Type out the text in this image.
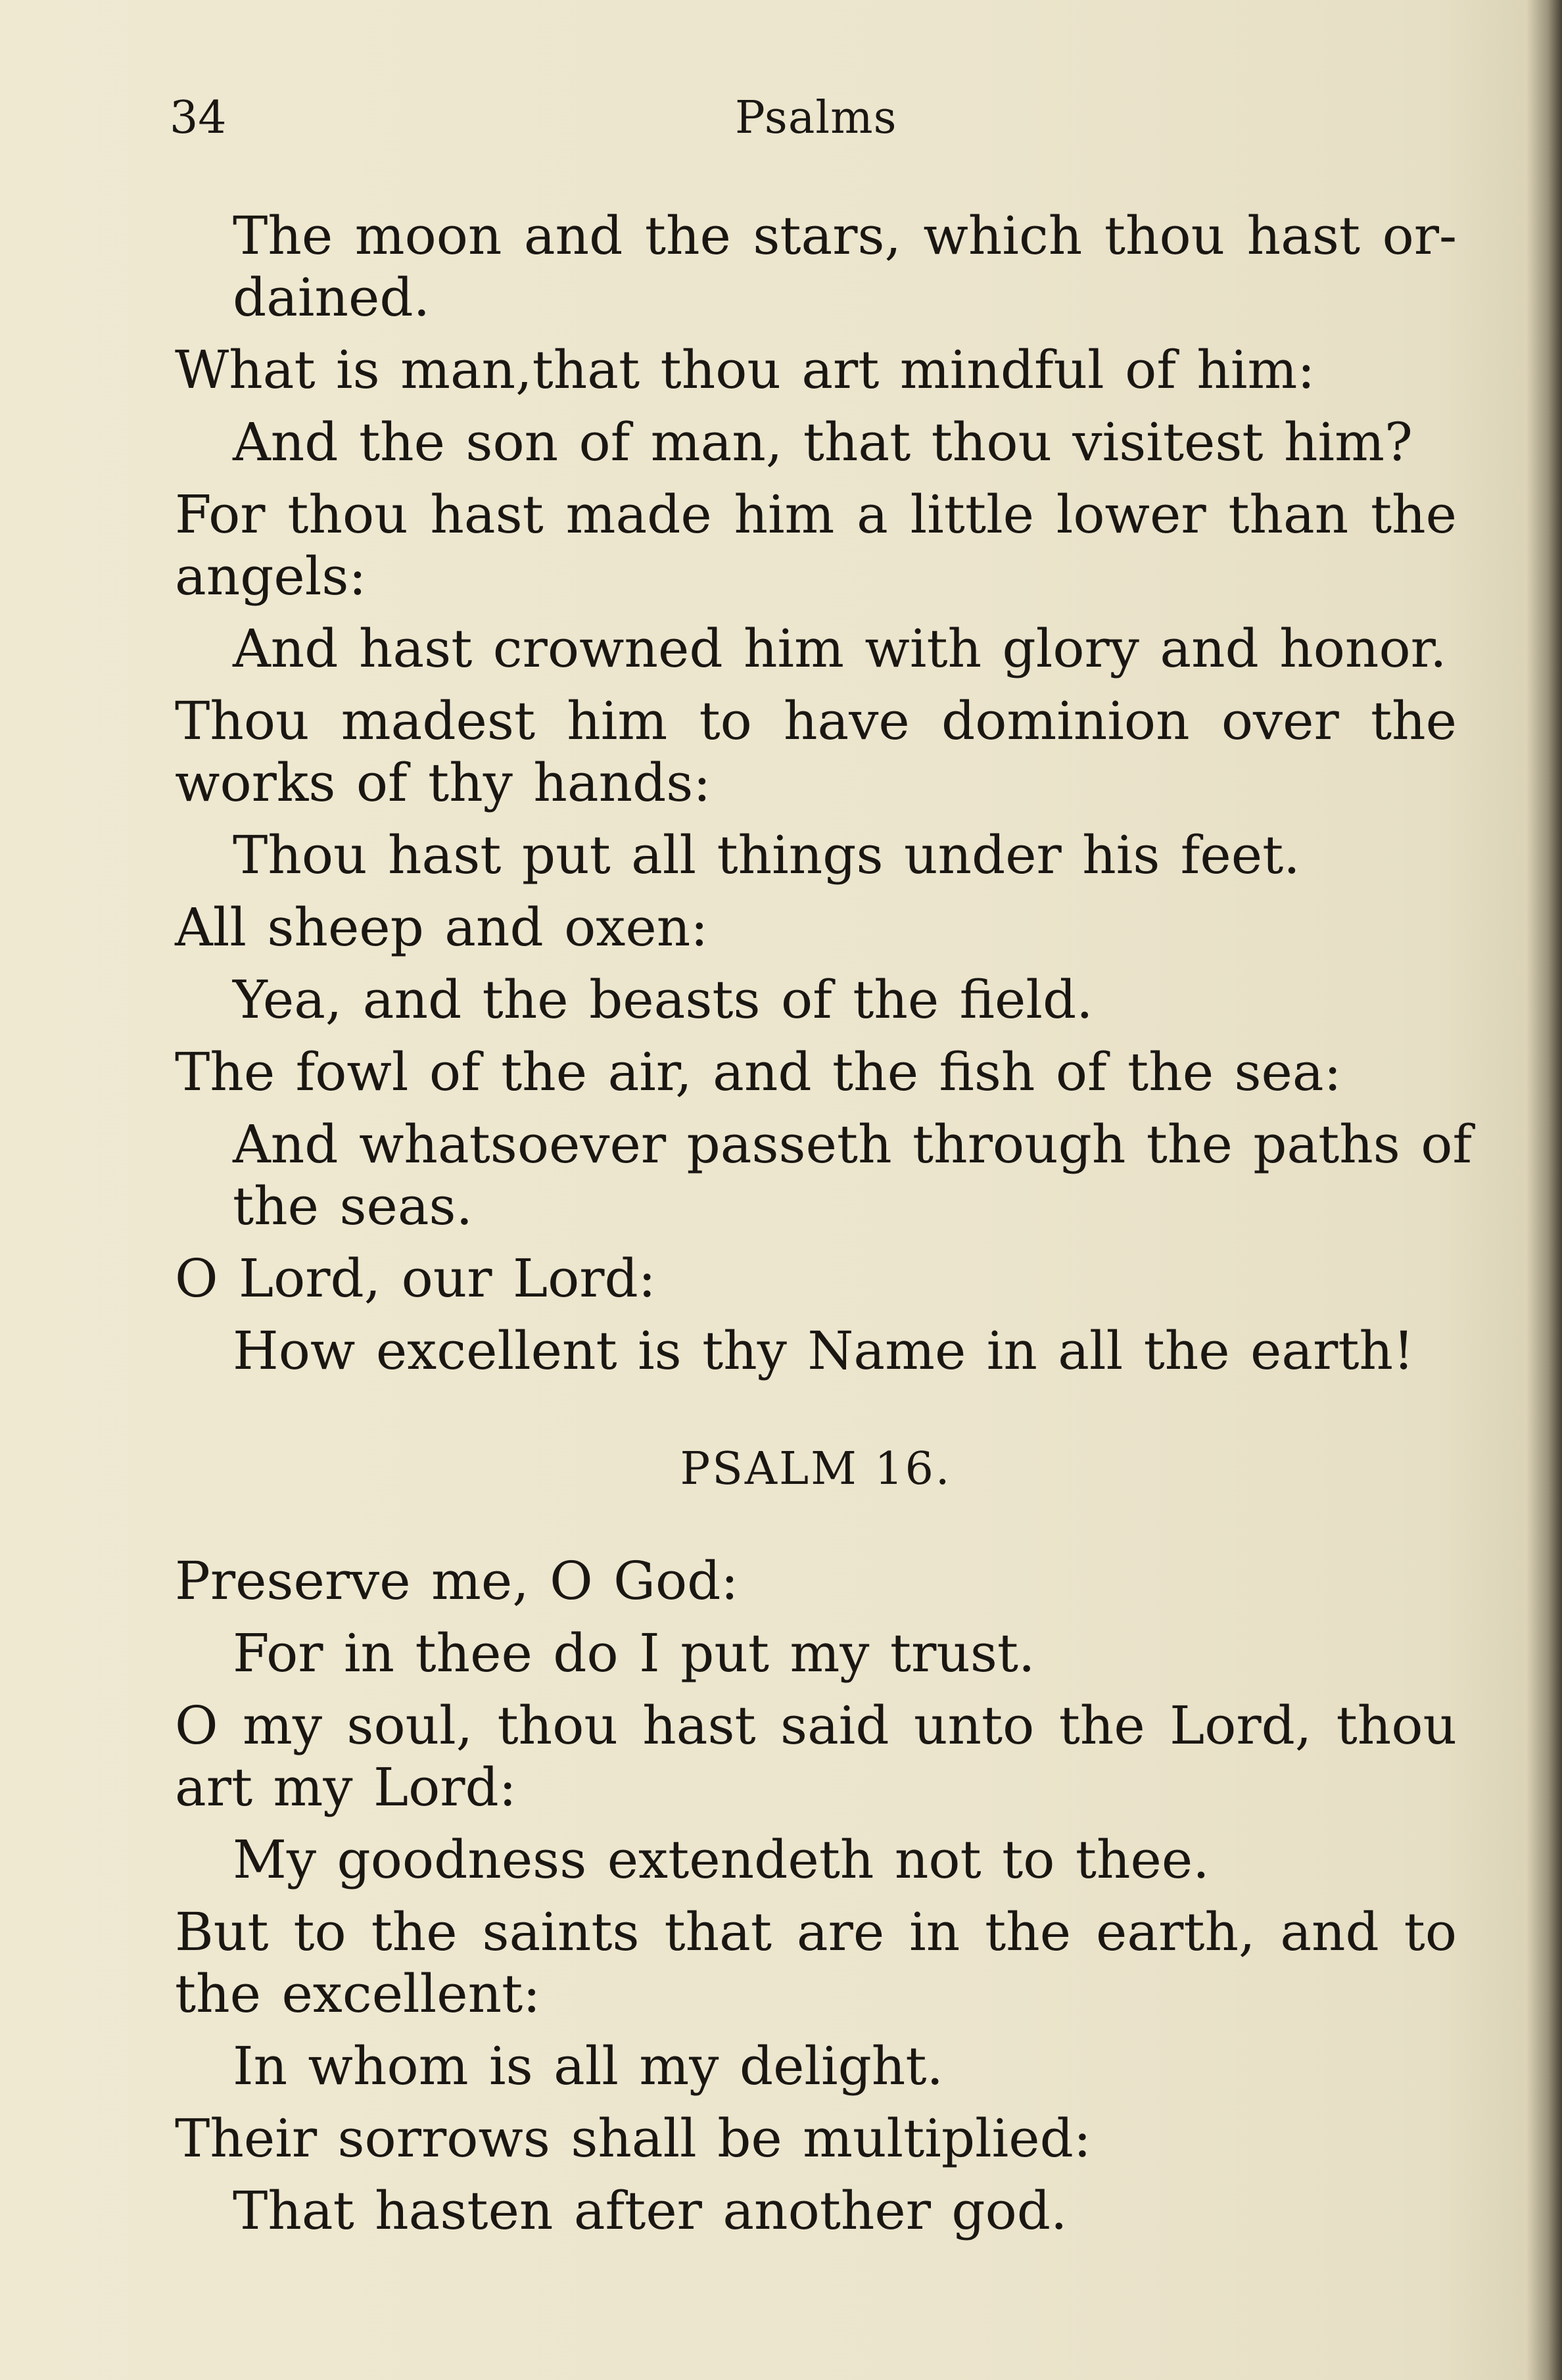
34	Psalms
The moon and the stars, which thou hast or-
dained.
What is man,that thou art mindful of him:
And the son of man, that thou visitest him?
For thou hast made him a little lower than the
angels:
And hast crowned him with glory and honor.
Thou madest him to have dominion over the
works of thy hands:
Thou hast put all things under his feet.
All sheep and oxen:
Yea, and the beasts of the field.
The fowl of the air, and the fish of the sea:
And whatsoever passeth through the paths of
the seas.
O Lord, our Lord:
How excellent is thy Name in all the earth!
PSALM 16.
Preserve me, O God:
For in thee do I put my trust.
O my soul, thou hast said unto the Lord, thou
art my Lord:
My goodness extendeth not to thee.
But to the saints that are in the earth, and to
the excellent:
In whom is all my delight.
Their sorrows shall be multiplied:
That hasten after another god.
